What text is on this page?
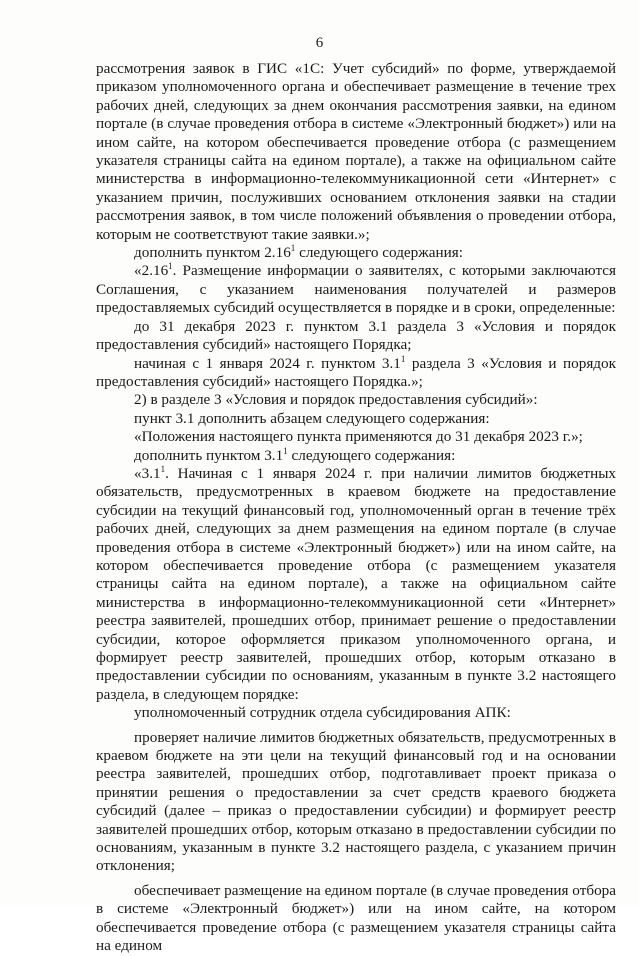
6

рассмотрения заявок в ГИС «1С: Учет субсидий» по форме, утверждаемой приказом уполномоченного органа и обеспечивает размещение в течение трех рабочих дней, следующих за днем окончания рассмотрения заявки, на едином портале (в случае проведения отбора в системе «Электронный бюджет») или на ином сайте, на котором обеспечивается проведение отбора (с размещением указателя страницы сайта на едином портале), а также на официальном сайте министерства в информационно-телекоммуникационной сети «Интернет» с указанием причин, послуживших основанием отклонения заявки на стадии рассмотрения заявок, в том числе положений объявления о проведении отбора, которым не соответствуют такие заявки.»;

дополнить пунктом 2.16$^1$ следующего содержания:

«2.16$^1$. Размещение информации о заявителях, с которыми заключаются Соглашения, с указанием наименования получателей и размеров предоставляемых субсидий осуществляется в порядке и в сроки, определенные:

до 31 декабря 2023 г. пунктом 3.1 раздела 3 «Условия и порядок предоставления субсидий» настоящего Порядка;

начиная с 1 января 2024 г. пунктом $3.1^1$ раздела 3 «Условия и порядок предоставления субсидий» настоящего Порядка.»;

2) в разделе 3 «Условия и порядок предоставления субсидий»:

пункт 3.1 дополнить абзацем следующего содержания:

«Положения настоящего пункта применяются до 31 декабря 2023 г.»;

дополнить пунктом $3.1^1$ следующего содержания:

«$3.1^1$. Начиная с 1 января 2024 г. при наличии лимитов бюджетных обязательств, предусмотренных в краевом бюджете на предоставление субсидии на текущий финансовый год, уполномоченный орган в течение трёх рабочих дней, следующих за днем размещения на едином портале (в случае проведения отбора в системе «Электронный бюджет») или на ином сайте, на котором обеспечивается проведение отбора (с размещением указателя страницы сайта на едином портале), а также на официальном сайте министерства в информационно-телекоммуникационной сети «Интернет» реестра заявителей, прошедших отбор, принимает решение о предоставлении субсидии, которое оформляется приказом уполномоченного органа, и формирует реестр заявителей, прошедших отбор, которым отказано в предоставлении субсидии по основаниям, указанным в пункте 3.2 настоящего раздела, в следующем порядке:

уполномоченный сотрудник отдела субсидирования АПК:

проверяет наличие лимитов бюджетных обязательств, предусмотренных в краевом бюджете на эти цели на текущий финансовый год и на основании реестра заявителей, прошедших отбор, подготавливает проект приказа о принятии решения о предоставлении за счет средств краевого бюджета субсидий (далее – приказ о предоставлении субсидии) и формирует реестр заявителей прошедших отбор, которым отказано в предоставлении субсидии по основаниям, указанным в пункте 3.2 настоящего раздела, с указанием причин отклонения;

обеспечивает размещение на едином портале (в случае проведения отбора в системе «Электронный бюджет») или на ином сайте, на котором обеспечивается проведение отбора (с размещением указателя страницы сайта на едином
